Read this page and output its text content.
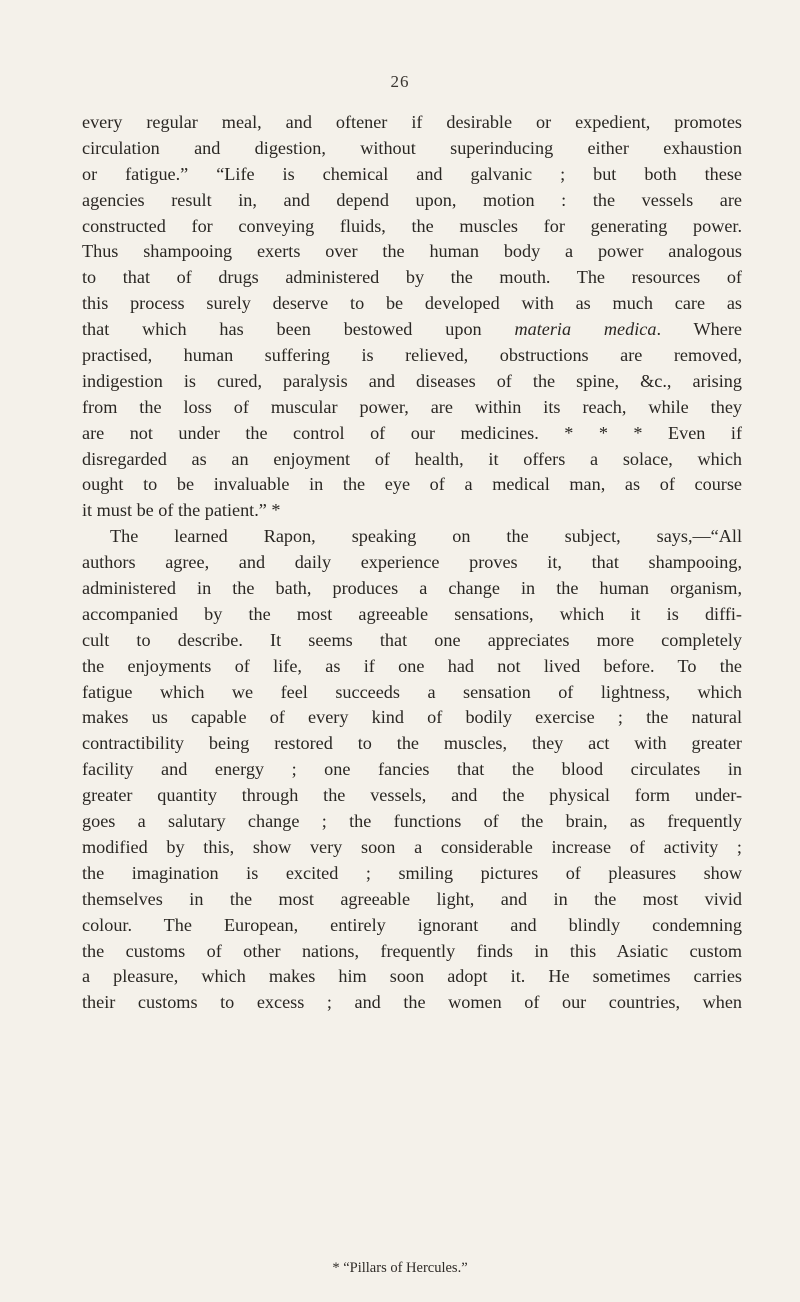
26
every regular meal, and oftener if desirable or expedient, promotes
circulation and digestion, without superinducing either exhaustion
or fatigue.” “Life is chemical and galvanic ; but both these
agencies result in, and depend upon, motion : the vessels are
constructed for conveying fluids, the muscles for generating power.
Thus shampooing exerts over the human body a power analogous
to that of drugs administered by the mouth. The resources of
this process surely deserve to be developed with as much care as
that which has been bestowed upon materia medica. Where
practised, human suffering is relieved, obstructions are removed,
indigestion is cured, paralysis and diseases of the spine, &c., arising
from the loss of muscular power, are within its reach, while they
are not under the control of our medicines. * * * Even if
disregarded as an enjoyment of health, it offers a solace, which
ought to be invaluable in the eye of a medical man, as of course
it must be of the patient.” *
The learned Rapon, speaking on the subject, says,—“All
authors agree, and daily experience proves it, that shampooing,
administered in the bath, produces a change in the human organism,
accompanied by the most agreeable sensations, which it is diffi-
cult to describe. It seems that one appreciates more completely
the enjoyments of life, as if one had not lived before. To the
fatigue which we feel succeeds a sensation of lightness, which
makes us capable of every kind of bodily exercise ; the natural
contractibility being restored to the muscles, they act with greater
facility and energy ; one fancies that the blood circulates in
greater quantity through the vessels, and the physical form under-
goes a salutary change ; the functions of the brain, as frequently
modified by this, show very soon a considerable increase of activity ;
the imagination is excited ; smiling pictures of pleasures show
themselves in the most agreeable light, and in the most vivid
colour. The European, entirely ignorant and blindly condemning
the customs of other nations, frequently finds in this Asiatic custom
a pleasure, which makes him soon adopt it. He sometimes carries
their customs to excess ; and the women of our countries, when
* “Pillars of Hercules.”
